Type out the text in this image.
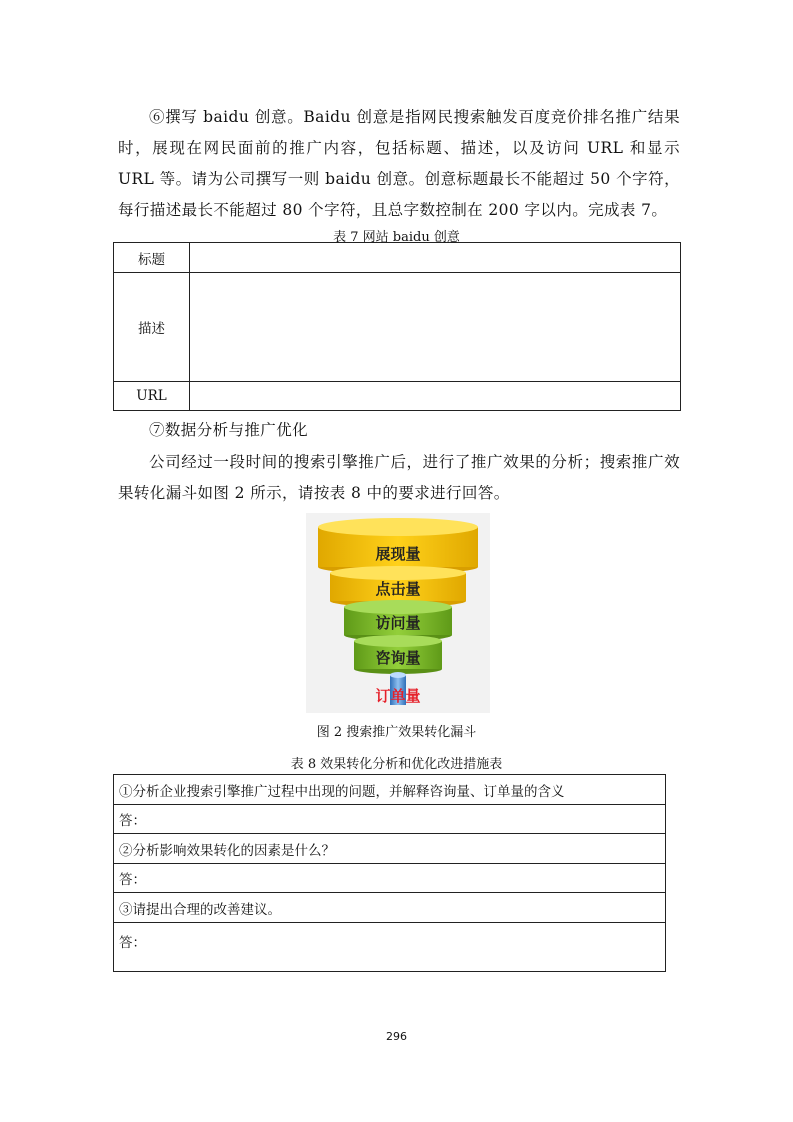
⑥撰写 baidu 创意。Baidu 创意是指网民搜索触发百度竞价排名推广结果时，展现在网民面前的推广内容，包括标题、描述，以及访问 URL 和显示 URL 等。请为公司撰写一则 baidu 创意。创意标题最长不能超过 50 个字符，每行描述最长不能超过 80 个字符，且总字数控制在 200 字以内。完成表 7。

表 7 网站 baidu 创意

标题	
描述	
URL	

⑦数据分析与推广优化

公司经过一段时间的搜索引擎推广后，进行了推广效果的分析；搜索推广效果转化漏斗如图 2 所示，请按表 8 中的要求进行回答。

展现量
点击量
访问量
咨询量
订单量

图 2 搜索推广效果转化漏斗

表 8 效果转化分析和优化改进措施表

①分析企业搜索引擎推广过程中出现的问题，并解释咨询量、订单量的含义
答：
②分析影响效果转化的因素是什么？
答：
③请提出合理的改善建议。
答：
296
